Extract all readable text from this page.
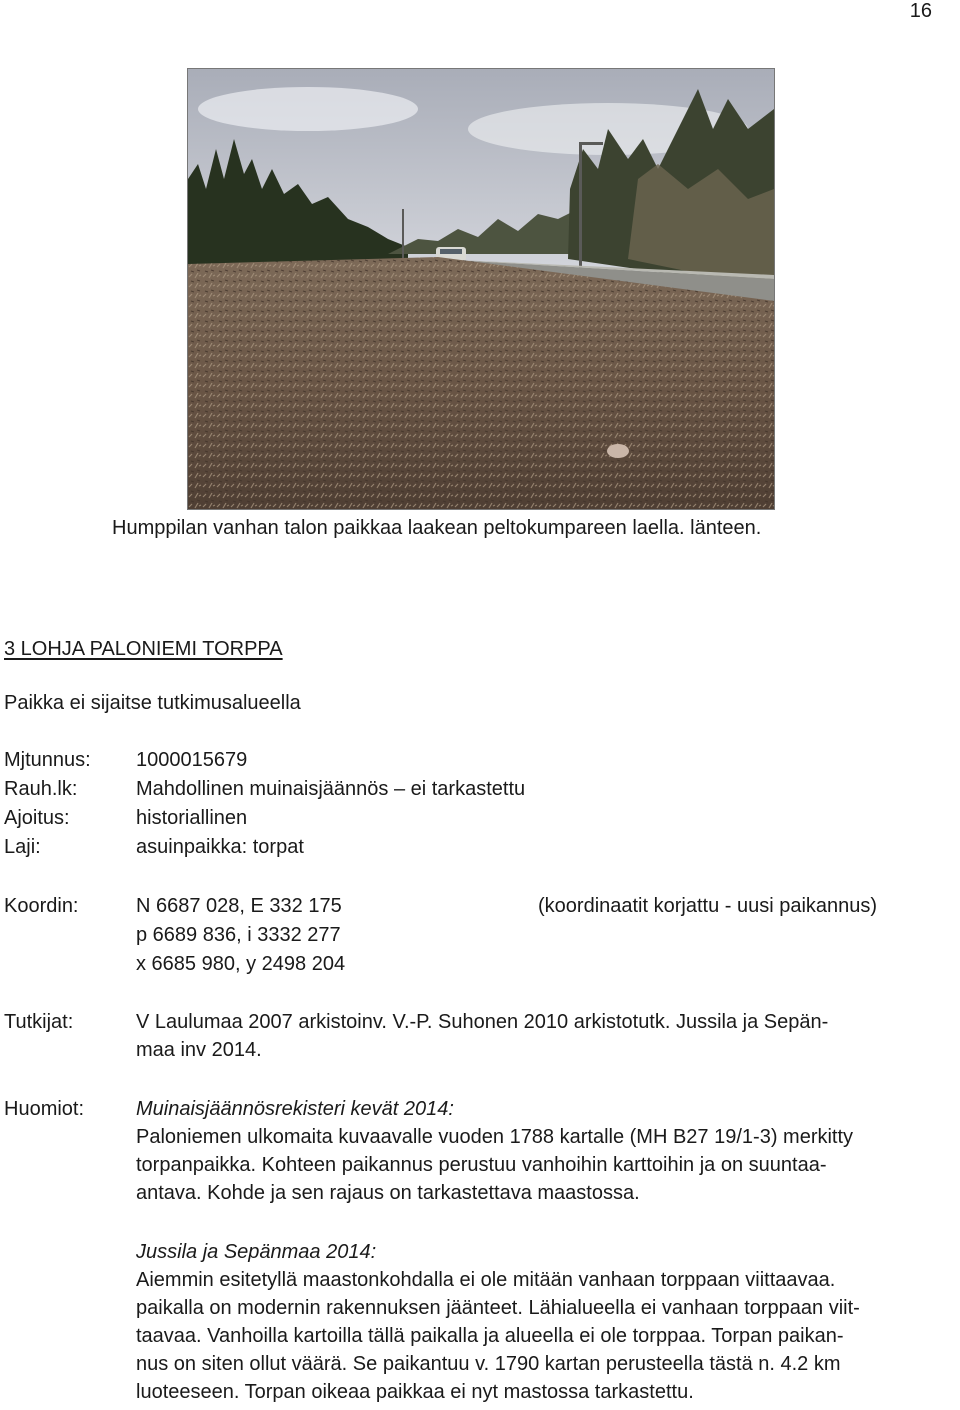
16
Humppilan vanhan talon paikkaa laakean peltokumpareen laella. länteen.
3 LOHJA PALONIEMI TORPPA
Paikka ei sijaitse tutkimusalueella
Mjtunnus: 1000015679
Rauh.lk:	Mahdollinen muinaisjäännös – ei tarkastettu
Ajoitus:	historiallinen
Laji:	asuinpaikka: torpat
Koordin:	N 6687 028, E 332 175	(koordinaatit korjattu - uusi paikannus)
p 6689 836, i 3332 277
x 6685 980, y 2498 204
Tutkijat:	V Laulumaa 2007 arkistoinv. V.-P. Suhonen 2010 arkistotutk. Jussila ja Sepän-
maa inv 2014.
Huomiot:	Muinaisjäännösrekisteri kevät 2014:
Paloniemen ulkomaita kuvaavalle vuoden 1788 kartalle (MH B27 19/1-3) merkitty
torpanpaikka. Kohteen paikannus perustuu vanhoihin karttoihin ja on suuntaa-
antava. Kohde ja sen rajaus on tarkastettava maastossa.
Jussila ja Sepänmaa 2014:
Aiemmin esitetyllä maastonkohdalla ei ole mitään vanhaan torppaan viittaavaa.
paikalla on modernin rakennuksen jäänteet. Lähialueella ei vanhaan torppaan viit-
taavaa. Vanhoilla kartoilla tällä paikalla ja alueella ei ole torppaa. Torpan paikan-
nus on siten ollut väärä. Se paikantuu v. 1790 kartan perusteella tästä n. 4.2 km
luoteeseen. Torpan oikeaa paikkaa ei nyt mastossa tarkastettu.
